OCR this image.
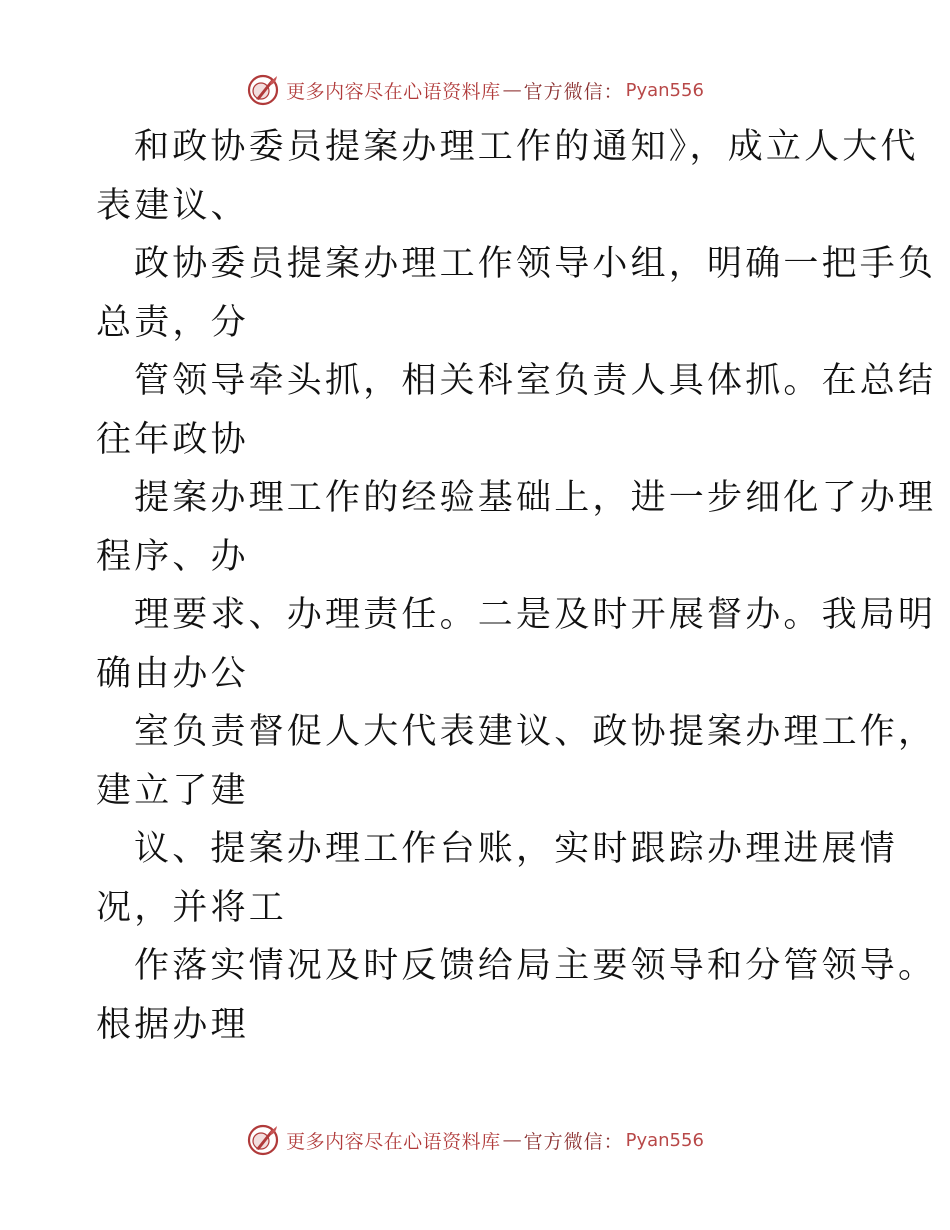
更多内容尽在心语资料库 — 官方微信： Pyan556
和政协委员提案办理工作的通知》，成立人大代
表建议、
政协委员提案办理工作领导小组，明确一把手负
总责，分
管领导牵头抓，相关科室负责人具体抓。在总结
往年政协
提案办理工作的经验基础上，进一步细化了办理
程序、办
理要求、办理责任。二是及时开展督办。我局明
确由办公
室负责督促人大代表建议、政协提案办理工作，
建立了建
议、提案办理工作台账，实时跟踪办理进展情
况，并将工
作落实情况及时反馈给局主要领导和分管领导。
根据办理
更多内容尽在心语资料库 — 官方微信： Pyan556
